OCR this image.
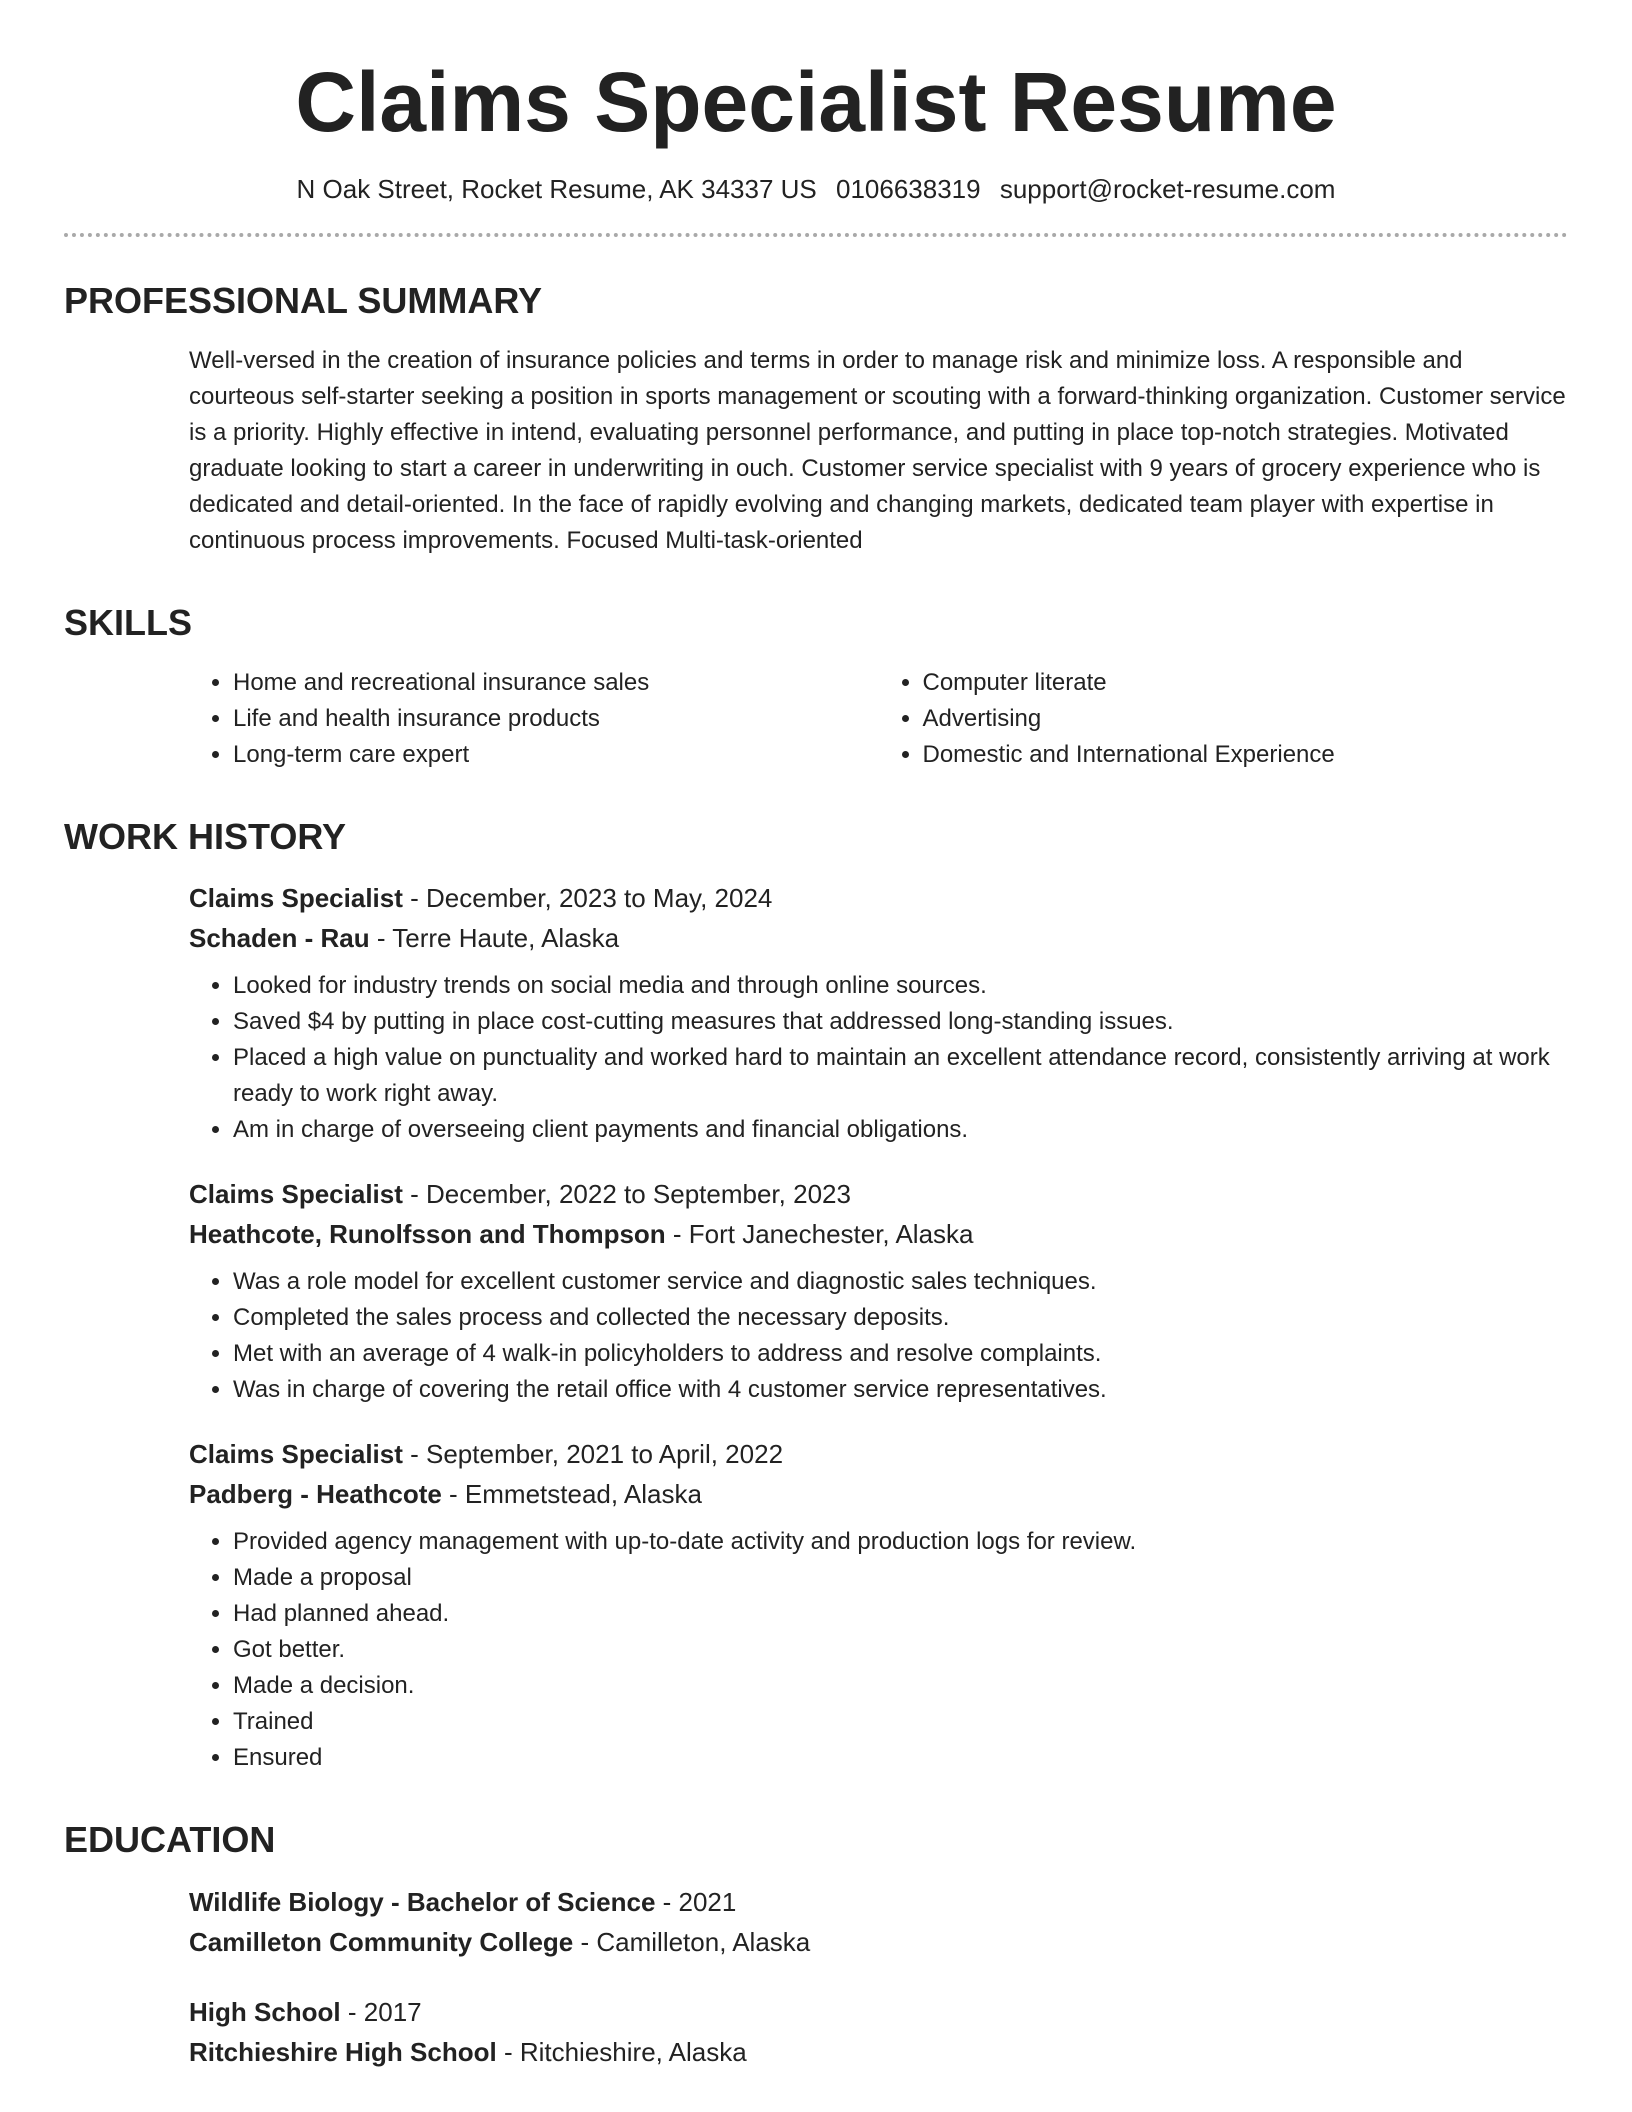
Claims Specialist Resume
N Oak Street, Rocket Resume, AK 34337 US 0106638319 support@rocket-resume.com
PROFESSIONAL SUMMARY
Well-versed in the creation of insurance policies and terms in order to manage risk and minimize loss. A responsible and courteous self-starter seeking a position in sports management or scouting with a forward-thinking organization. Customer service is a priority. Highly effective in intend, evaluating personnel performance, and putting in place top-notch strategies. Motivated graduate looking to start a career in underwriting in ouch. Customer service specialist with 9 years of grocery experience who is dedicated and detail-oriented. In the face of rapidly evolving and changing markets, dedicated team player with expertise in continuous process improvements. Focused Multi-task-oriented
SKILLS
• Home and recreational insurance sales
• Life and health insurance products
• Long-term care expert
• Computer literate
• Advertising
• Domestic and International Experience
WORK HISTORY
Claims Specialist - December, 2023 to May, 2024
Schaden - Rau - Terre Haute, Alaska
• Looked for industry trends on social media and through online sources.
• Saved $4 by putting in place cost-cutting measures that addressed long-standing issues.
• Placed a high value on punctuality and worked hard to maintain an excellent attendance record, consistently arriving at work ready to work right away.
• Am in charge of overseeing client payments and financial obligations.
Claims Specialist - December, 2022 to September, 2023
Heathcote, Runolfsson and Thompson - Fort Janechester, Alaska
• Was a role model for excellent customer service and diagnostic sales techniques.
• Completed the sales process and collected the necessary deposits.
• Met with an average of 4 walk-in policyholders to address and resolve complaints.
• Was in charge of covering the retail office with 4 customer service representatives.
Claims Specialist - September, 2021 to April, 2022
Padberg - Heathcote - Emmetstead, Alaska
• Provided agency management with up-to-date activity and production logs for review.
• Made a proposal
• Had planned ahead.
• Got better.
• Made a decision.
• Trained
• Ensured
EDUCATION
Wildlife Biology - Bachelor of Science - 2021
Camilleton Community College - Camilleton, Alaska
High School - 2017
Ritchieshire High School - Ritchieshire, Alaska
